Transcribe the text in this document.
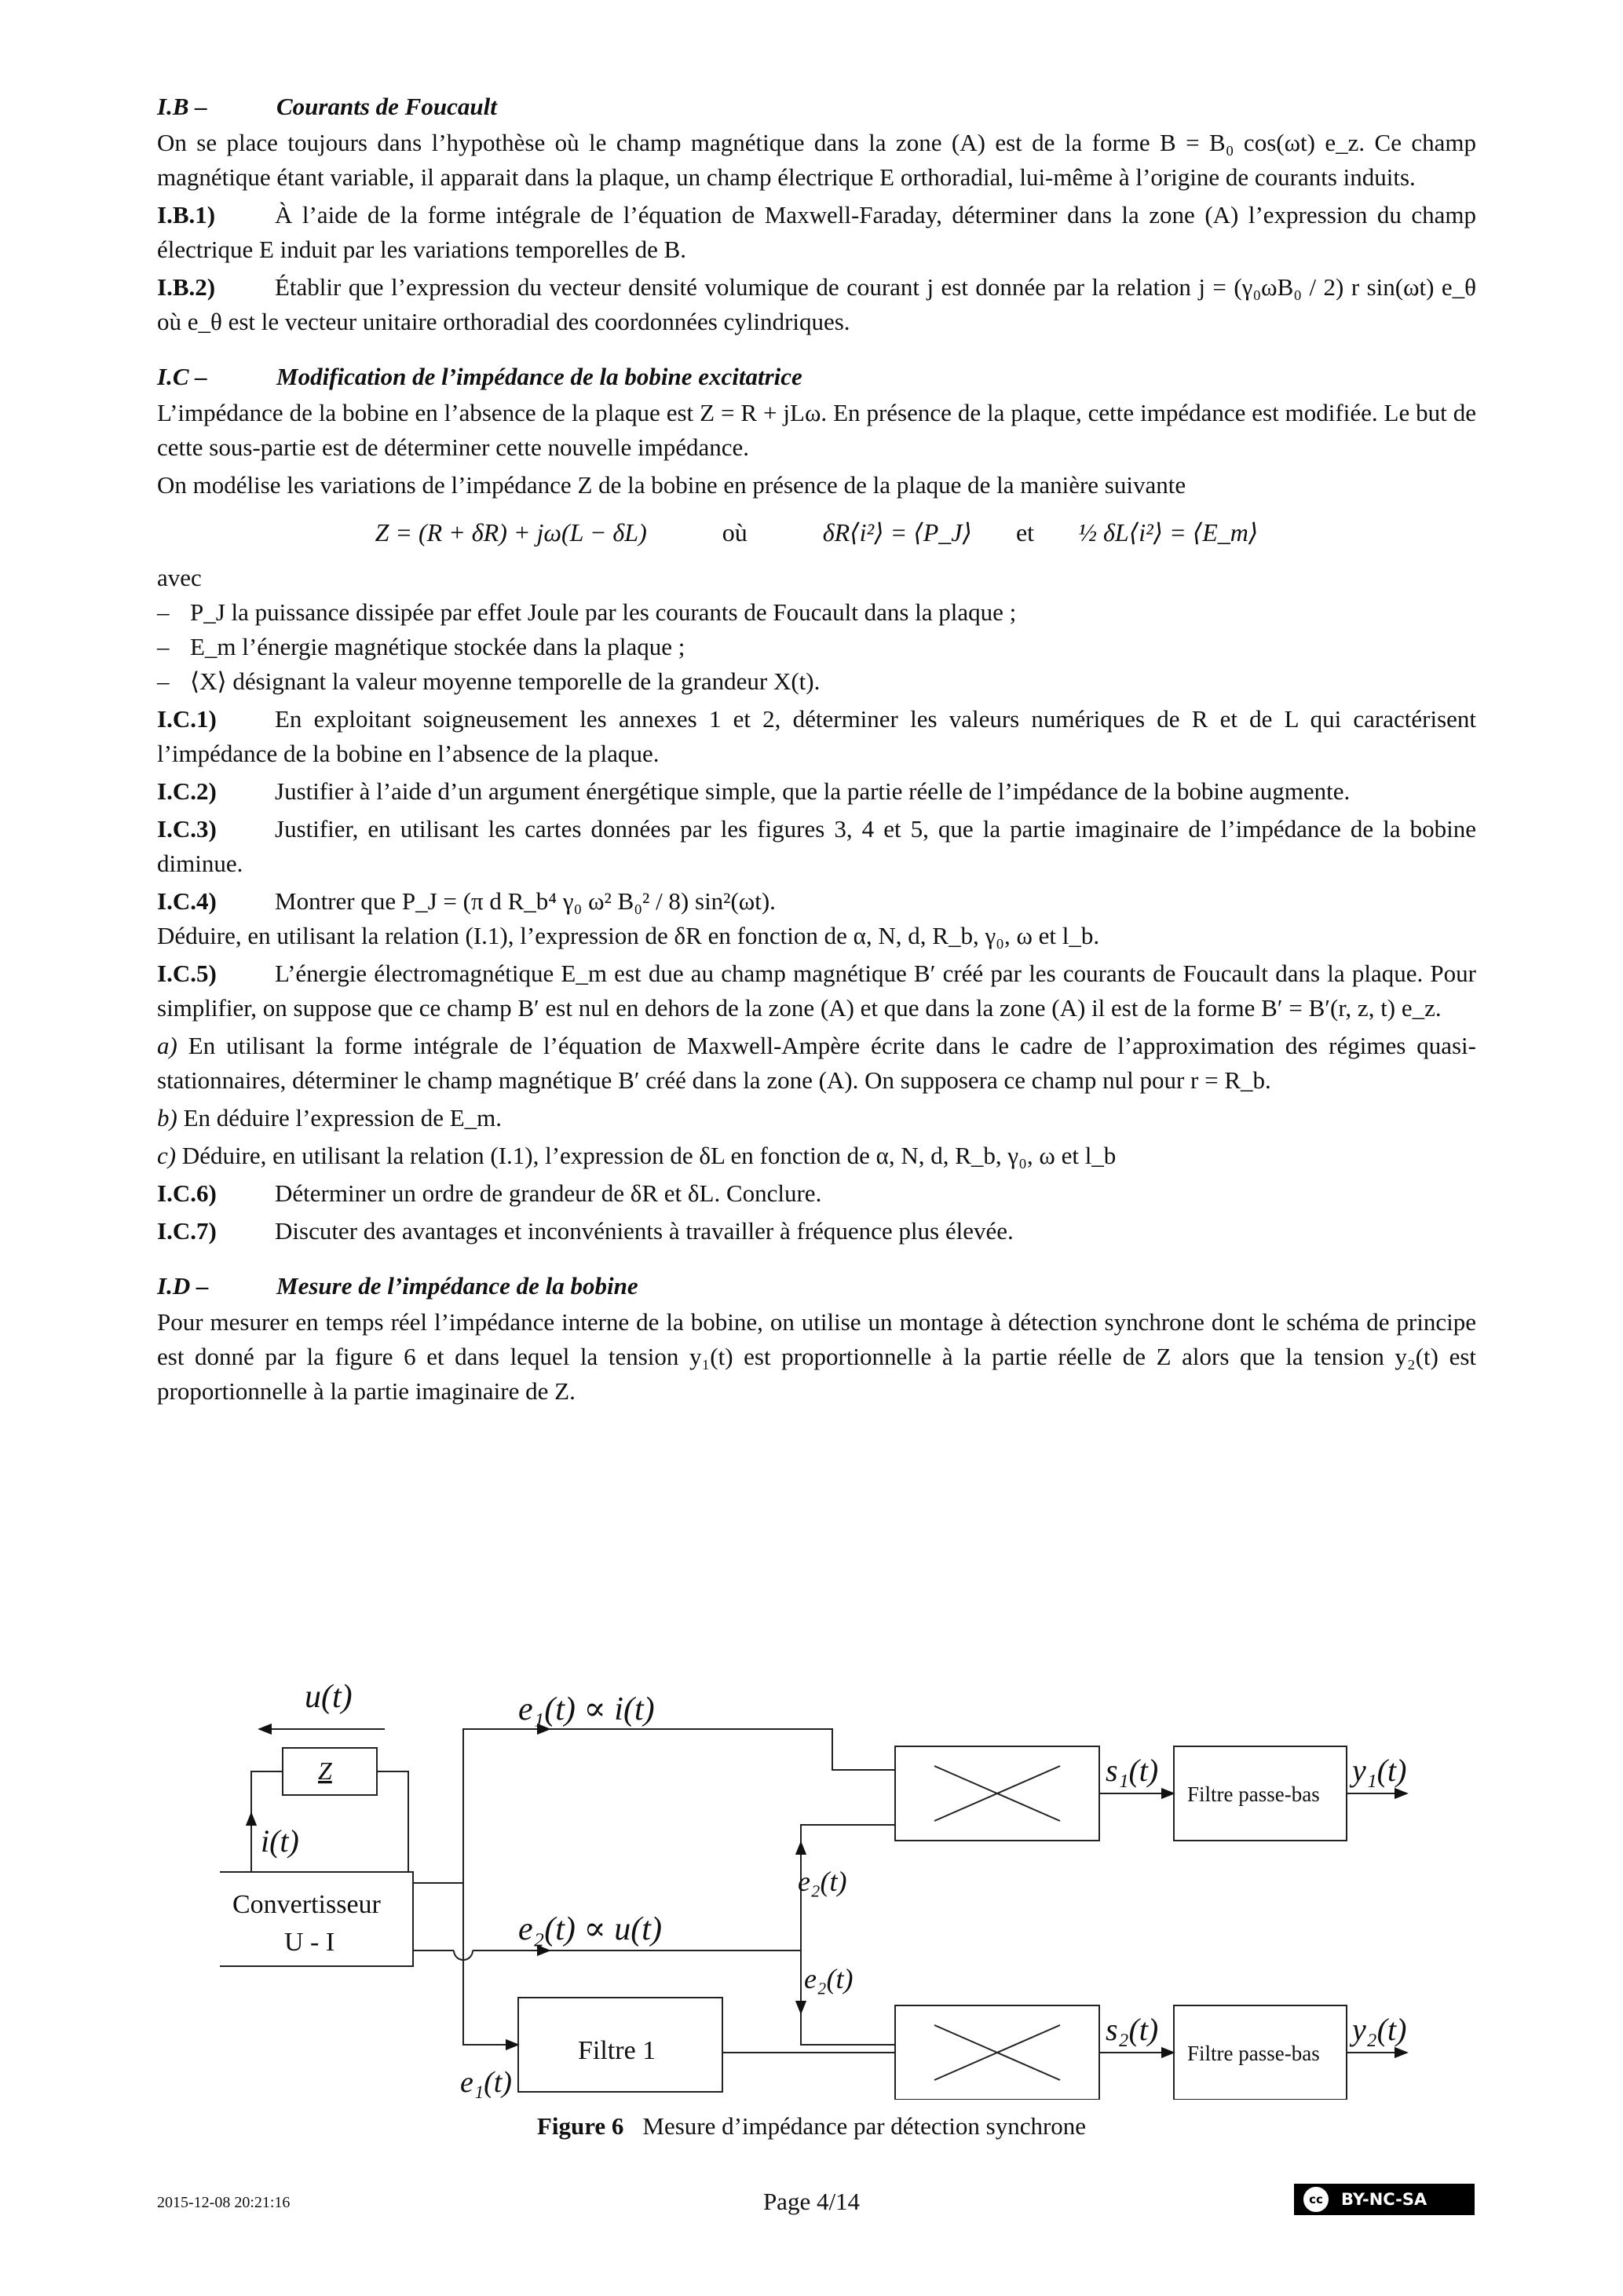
I.B –	Courants de Foucault

On se place toujours dans l’hypothèse où le champ magnétique dans la zone (A) est de la forme B = B₀ cos(ωt) e_z. Ce champ magnétique étant variable, il apparait dans la plaque, un champ électrique E orthoradial, lui-même à l’origine de courants induits.

I.B.1) À l’aide de la forme intégrale de l’équation de Maxwell-Faraday, déterminer dans la zone (A) l’expression du champ électrique E induit par les variations temporelles de B.

I.B.2) Établir que l’expression du vecteur densité volumique de courant j est donnée par la relation j = (γ₀ωB₀ / 2) r sin(ωt) e_θ où e_θ est le vecteur unitaire orthoradial des coordonnées cylindriques.

I.C –	Modification de l’impédance de la bobine excitatrice

L’impédance de la bobine en l’absence de la plaque est Z = R + jLω. En présence de la plaque, cette impédance est modifiée. Le but de cette sous-partie est de déterminer cette nouvelle impédance.

On modélise les variations de l’impédance Z de la bobine en présence de la plaque de la manière suivante

Z = (R + δR) + jω(L − δL)	où	δR⟨i²⟩ = ⟨P_J⟩ et ½ δL⟨i²⟩ = ⟨E_m⟩

avec

– P_J la puissance dissipée par effet Joule par les courants de Foucault dans la plaque ;
– E_m l’énergie magnétique stockée dans la plaque ;
– ⟨X⟩ désignant la valeur moyenne temporelle de la grandeur X(t).

I.C.1) En exploitant soigneusement les annexes 1 et 2, déterminer les valeurs numériques de R et de L qui caractérisent l’impédance de la bobine en l’absence de la plaque.

I.C.2) Justifier à l’aide d’un argument énergétique simple, que la partie réelle de l’impédance de la bobine augmente.

I.C.3) Justifier, en utilisant les cartes données par les figures 3, 4 et 5, que la partie imaginaire de l’impédance de la bobine diminue.

I.C.4) Montrer que P_J = (π d R_b⁴ γ₀ ω² B₀² / 8) sin²(ωt).

Déduire, en utilisant la relation (I.1), l’expression de δR en fonction de α, N, d, R_b, γ₀, ω et l_b.

I.C.5) L’énergie électromagnétique E_m est due au champ magnétique B′ créé par les courants de Foucault dans la plaque. Pour simplifier, on suppose que ce champ B′ est nul en dehors de la zone (A) et que dans la zone (A) il est de la forme B′ = B′(r, z, t) e_z.

a) En utilisant la forme intégrale de l’équation de Maxwell-Ampère écrite dans le cadre de l’approximation des régimes quasi-stationnaires, déterminer le champ magnétique B′ créé dans la zone (A). On supposera ce champ nul pour r = R_b.

b) En déduire l’expression de E_m.

c) Déduire, en utilisant la relation (I.1), l’expression de δL en fonction de α, N, d, R_b, γ₀, ω et l_b

I.C.6) Déterminer un ordre de grandeur de δR et δL. Conclure.

I.C.7) Discuter des avantages et inconvénients à travailler à fréquence plus élevée.

I.D –	Mesure de l’impédance de la bobine

Pour mesurer en temps réel l’impédance interne de la bobine, on utilise un montage à détection synchrone dont le schéma de principe est donné par la figure 6 et dans lequel la tension y₁(t) est proportionnelle à la partie réelle de Z alors que la tension y₂(t) est proportionnelle à la partie imaginaire de Z.

u(t)
Z
i(t)
Convertisseur
U - I
e₁(t) ∝ i(t)
e₂(t) ∝ u(t)
e₂(t)
e₂(t)
e₁(t)
Filtre 1
s₁(t)
s₂(t)
Filtre passe-bas
Filtre passe-bas
y₁(t)
y₂(t)
Figure 6 Mesure d’impédance par détection synchrone
2015-12-08 20:21:16	Page 4/14	cc	BY-NC-SA
